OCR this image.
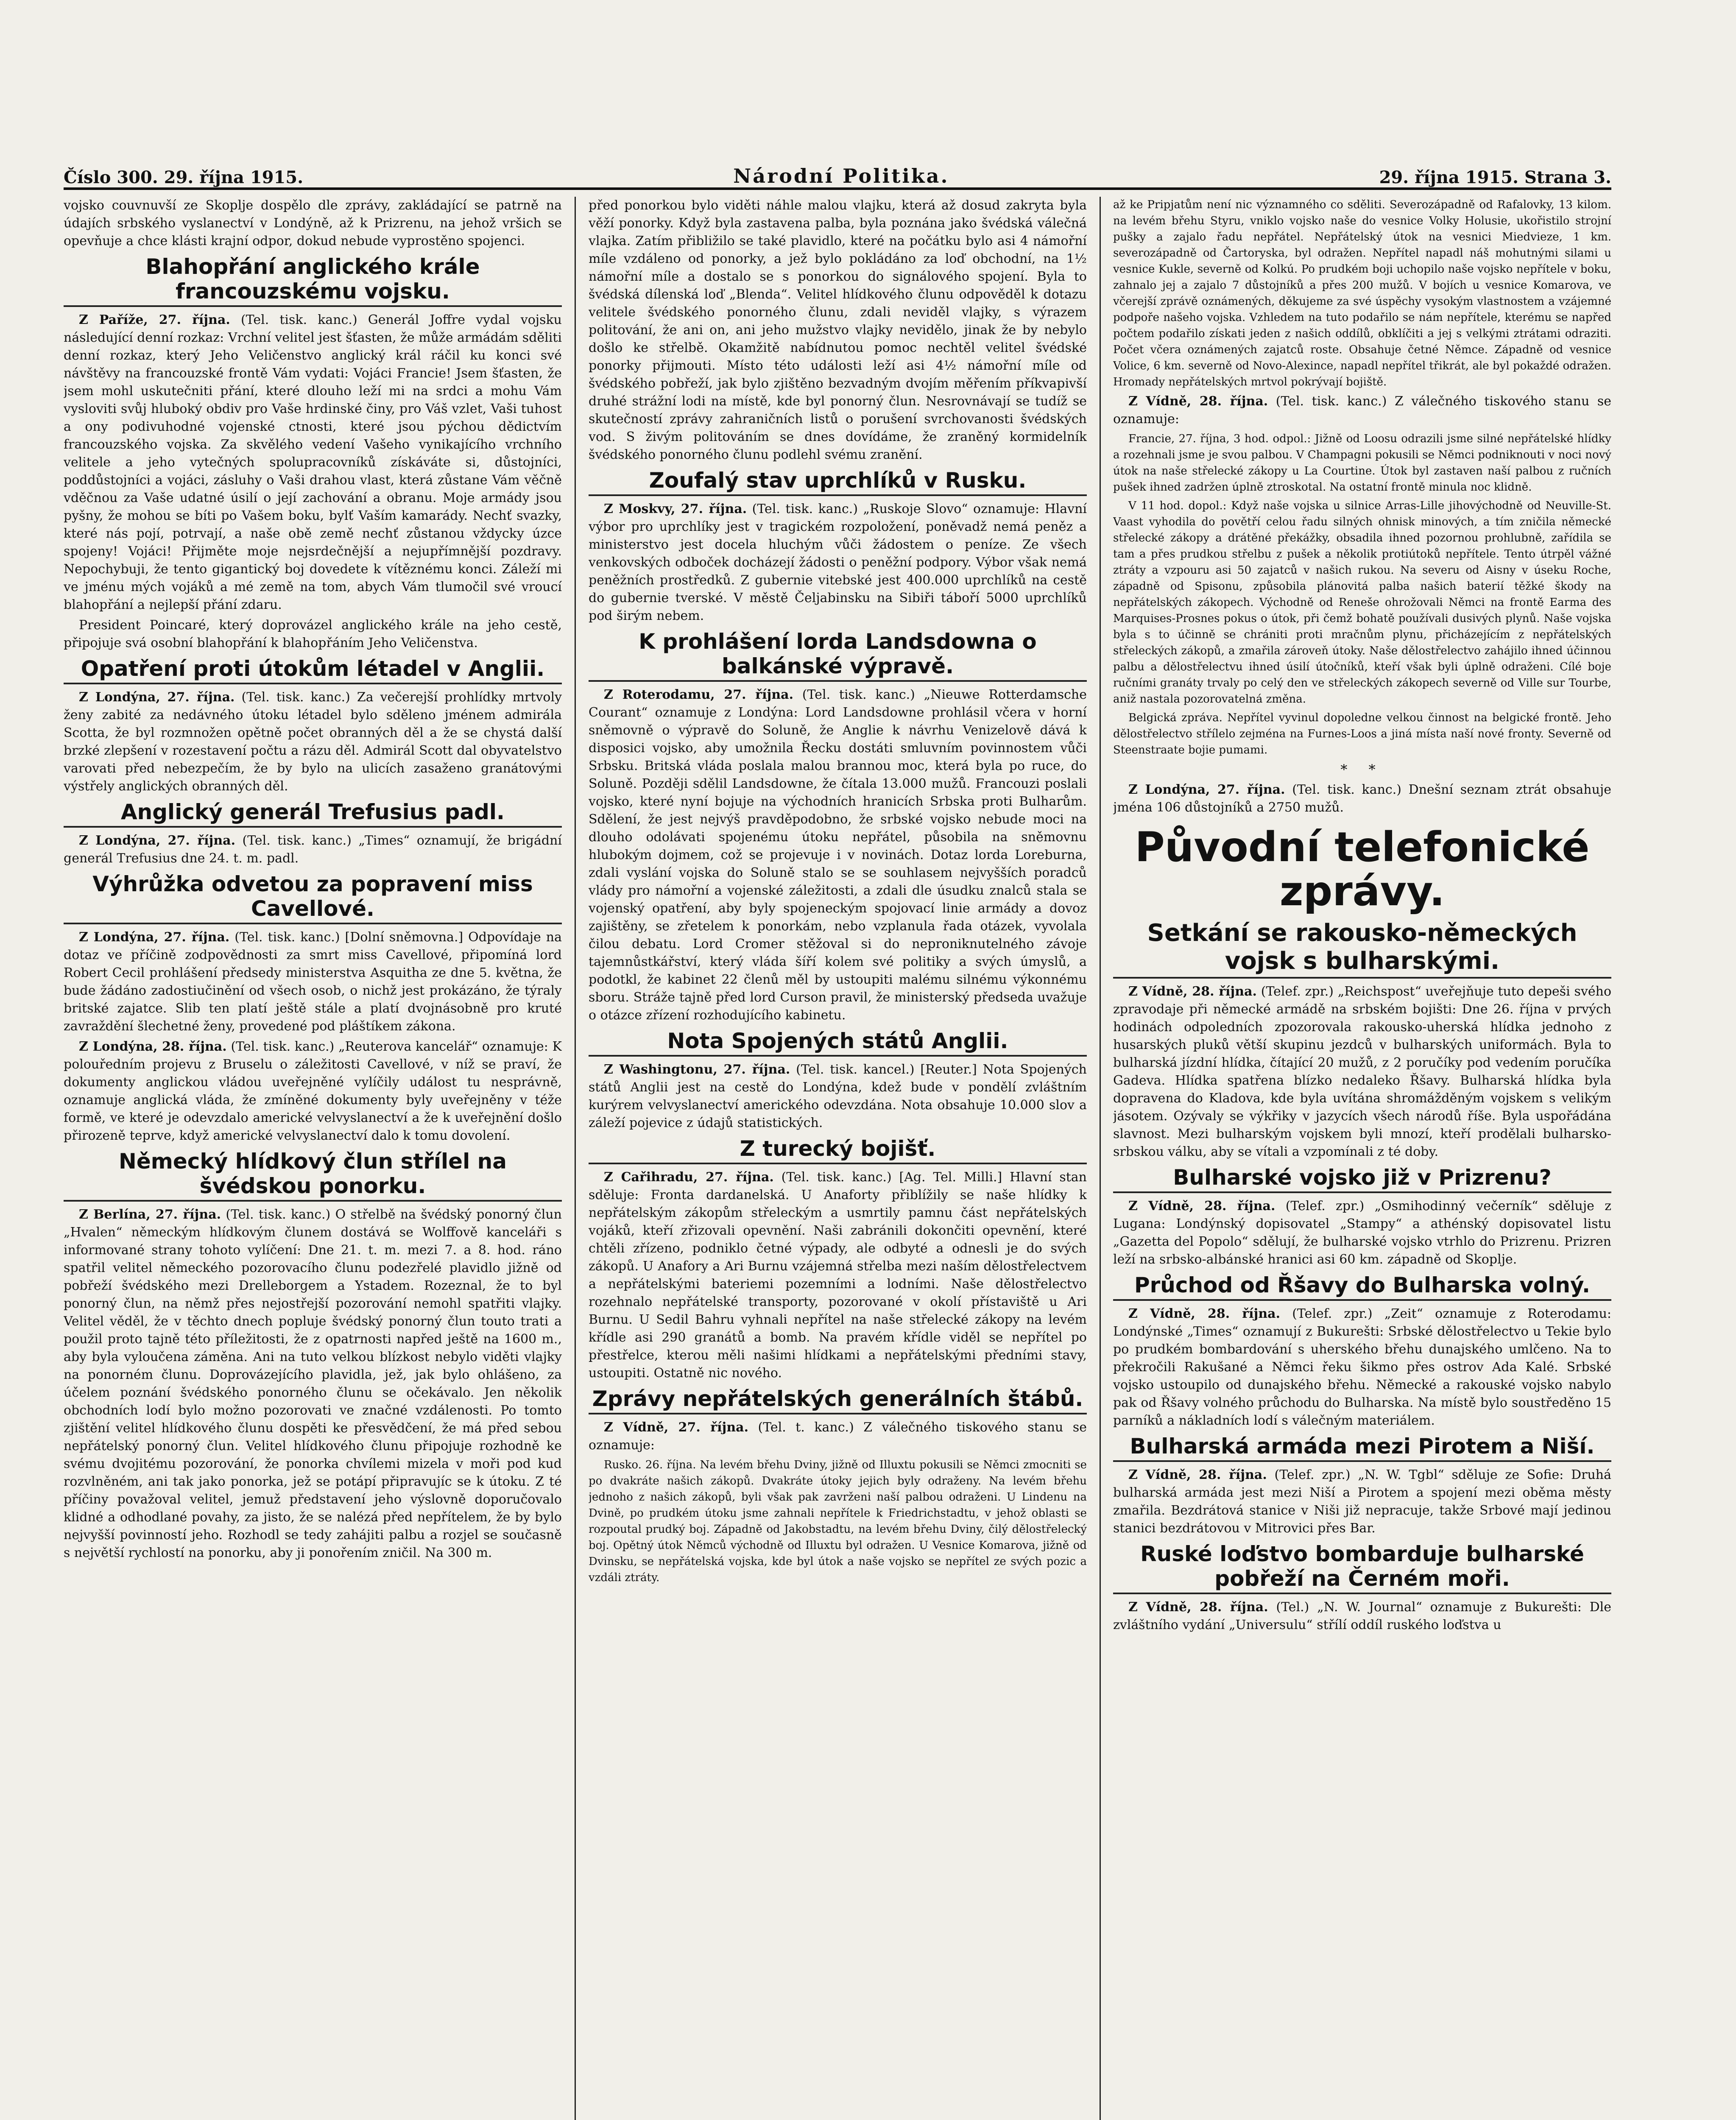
Číslo 300. 29. října 1915.	Národní Politika.	29. října 1915. Strana 3.

vojsko couvnuvší ze Skoplje dospělo dle zprávy, zakládající se patrně na údajích srbského vyslanectví v Londýně, až k Prizrenu, na jehož vršich se opevňuje a chce klásti krajní odpor, dokud nebude vyprostěno spojenci.

Blahopřání anglického krále francouzskému vojsku.

Z Paříže, 27. října. (Tel. tisk. kanc.) Generál Joffre vydal vojsku následující denní rozkaz: Vrchní velitel jest šťasten, že může armádám sděliti denní rozkaz, který Jeho Veličenstvo anglický král ráčil ku konci své návštěvy na francouzské frontě Vám vydati: Vojáci Francie! Jsem šťasten, že jsem mohl uskutečniti přání, které dlouho leží mi na srdci a mohu Vám vysloviti svůj hluboký obdiv pro Vaše hrdinské činy, pro Váš vzlet, Vaši tuhost a ony podivuhodné vojenské ctnosti, které jsou pýchou dědictvím francouzského vojska. Za skvělého vedení Vašeho vynikajícího vrchního velitele a jeho vytečných spolupracovníků získáváte si, důstojníci, poddůstojníci a vojáci, zásluhy o Vaši drahou vlast, která zůstane Vám věčně vděčnou za Vaše udatné úsilí o její zachování a obranu. Moje armády jsou pyšny, že mohou se bíti po Vašem boku, bylť Vaším kamarády. Nechť svazky, které nás pojí, potrvají, a naše obě země nechť zůstanou vždycky úzce spojeny! Vojáci! Přijměte moje nejsrdečnější a nejupřímnější pozdravy. Nepochybuji, že tento gigantický boj dovedete k vítěznému konci. Záleží mi ve jménu mých vojáků a mé země na tom, abych Vám tlumočil své vroucí blahopřání a nejlepší přání zdaru.

President Poincaré, který doprovázel anglického krále na jeho cestě, připojuje svá osobní blahopřání k blahopřáním Jeho Veličenstva.

Opatření proti útokům létadel v Anglii.

Z Londýna, 27. října. (Tel. tisk. kanc.) Za večerejší prohlídky mrtvoly ženy zabité za nedávného útoku létadel bylo sděleno jménem admirála Scotta, že byl rozmnožen opětně počet obranných děl a že se chystá další brzké zlepšení v rozestavení počtu a rázu děl. Admirál Scott dal obyvatelstvo varovati před nebezpečím, že by bylo na ulicích zasaženo granátovými výstřely anglických obranných děl.

Anglický generál Trefusius padl.

Z Londýna, 27. října. (Tel. tisk. kanc.) „Times“ oznamují, že brigádní generál Trefusius dne 24. t. m. padl.

Výhrůžka odvetou za popravení miss Cavellové.

Z Londýna, 27. října. (Tel. tisk. kanc.) [Dolní sněmovna.] Odpovídaje na dotaz ve příčině zodpovědnosti za smrt miss Cavellové, připomíná lord Robert Cecil prohlášení předsedy ministerstva Asquitha ze dne 5. května, že bude žádáno zadostiučinění od všech osob, o nichž jest prokázáno, že týraly britské zajatce. Slib ten platí ještě stále a platí dvojnásobně pro kruté zavraždění šlechetné ženy, provedené pod pláštíkem zákona.

Z Londýna, 28. října. (Tel. tisk. kanc.) „Reuterova kancelář“ oznamuje: K polouředním projevu z Bruselu o záležitosti Cavellové, v níž se praví, že dokumenty anglickou vládou uveřejněné vylíčily událost tu nesprávně, oznamuje anglická vláda, že zmíněné dokumenty byly uveřejněny v téže formě, ve které je odevzdalo americké velvyslanectví a že k uveřejnění došlo přirozeně teprve, když americké velvyslanectví dalo k tomu dovolení.

Německý hlídkový člun střílel na švédskou ponorku.

Z Berlína, 27. října. (Tel. tisk. kanc.) O střelbě na švédský ponorný člun „Hvalen“ německým hlídkovým člunem dostává se Wolffově kanceláři s informované strany tohoto vylíčení: Dne 21. t. m. mezi 7. a 8. hod. ráno spatřil velitel německého pozorovacího člunu podezřelé plavidlo jižně od pobřeží švédského mezi Drelleborgem a Ystadem. Rozeznal, že to byl ponorný člun, na němž přes nejostřejší pozorování nemohl spatřiti vlajky. Velitel věděl, že v těchto dnech popluje švédský ponorný člun touto trati a použil proto tajně této příležitosti, že z opatrnosti napřed ještě na 1600 m., aby byla vyloučena záměna. Ani na tuto velkou blízkost nebylo viděti vlajky na ponorném člunu. Doprovázejícího plavidla, jež, jak bylo ohlášeno, za účelem poznání švédského ponorného člunu se očekávalo. Jen několik obchodních lodí bylo možno pozorovati ve značné vzdálenosti. Po tomto zjištění velitel hlídkového člunu dospěti ke přesvědčení, že má před sebou nepřátelský ponorný člun. Velitel hlídkového člunu připojuje rozhodně ke svému dvojitému pozorování, že ponorka chvílemi mizela v moři pod kud rozvlněném, ani tak jako ponorka, jež se potápí připravujíc se k útoku. Z té příčiny považoval velitel, jemuž představení jeho výslovně doporučovalo klidné a odhodlané povahy, za jisto, že se nalézá před nepřítelem, že by bylo nejvyšší povinností jeho. Rozhodl se tedy zahájiti palbu a rozjel se současně s největší rychlostí na ponorku, aby ji ponořením zničil. Na 300 m.

před ponorkou bylo viděti náhle malou vlajku, která až dosud zakryta byla věží ponorky. Když byla zastavena palba, byla poznána jako švédská válečná vlajka. Zatím přibližilo se také plavidlo, které na počátku bylo asi 4 námořní míle vzdáleno od ponorky, a jež bylo pokládáno za loď obchodní, na 1½ námořní míle a dostalo se s ponorkou do signálového spojení. Byla to švédská dílenská loď „Blenda“. Velitel hlídkového člunu odpověděl k dotazu velitele švédského ponorného člunu, zdali neviděl vlajky, s výrazem politování, že ani on, ani jeho mužstvo vlajky nevidělo, jinak že by nebylo došlo ke střelbě. Okamžitě nabídnutou pomoc nechtěl velitel švédské ponorky přijmouti. Místo této události leží asi 4½ námořní míle od švédského pobřeží, jak bylo zjištěno bezvadným dvojím měřením příkvapivší druhé strážní lodi na místě, kde byl ponorný člun. Nesrovnávají se tudíž se skutečností zprávy zahraničních listů o porušení svrchovanosti švédských vod. S živým politováním se dnes dovídáme, že zraněný kormidelník švédského ponorného člunu podlehl svému zranění.

Zoufalý stav uprchlíků v Rusku.

Z Moskvy, 27. října. (Tel. tisk. kanc.) „Ruskoje Slovo“ oznamuje: Hlavní výbor pro uprchlíky jest v tragickém rozpoložení, poněvadž nemá peněz a ministerstvo jest docela hluchým vůči žádostem o peníze. Ze všech venkovských odboček docházejí žádosti o peněžní podpory. Výbor však nemá peněžních prostředků. Z gubernie vitebské jest 400.000 uprchlíků na cestě do gubernie tverské. V městě Čeljabinsku na Sibiři táboří 5000 uprchlíků pod širým nebem.

K prohlášení lorda Landsdowna o balkánské výpravě.

Z Roterodamu, 27. října. (Tel. tisk. kanc.) „Nieuwe Rotterdamsche Courant“ oznamuje z Londýna: Lord Landsdowne prohlásil včera v horní sněmovně o výpravě do Soluně, že Anglie k návrhu Venizelově dává k disposici vojsko, aby umožnila Řecku dostáti smluvním povinnostem vůči Srbsku. Britská vláda poslala malou brannou moc, která byla po ruce, do Soluně. Později sdělil Landsdowne, že čítala 13.000 mužů. Francouzi poslali vojsko, které nyní bojuje na východních hranicích Srbska proti Bulharům. Sdělení, že jest nejvýš pravděpodobno, že srbské vojsko nebude moci na dlouho odolávati spojenému útoku nepřátel, působila na sněmovnu hlubokým dojmem, což se projevuje i v novinách. Dotaz lorda Loreburna, zdali vyslání vojska do Soluně stalo se se souhlasem nejvyšších poradců vlády pro námořní a vojenské záležitosti, a zdali dle úsudku znalců stala se vojenský opatření, aby byly spojeneckým spojovací linie armády a dovoz zajištěny, se zřetelem k ponorkám, nebo vzplanula řada otázek, vyvolala čilou debatu. Lord Cromer stěžoval si do neproniknutelného závoje tajemnůstkářství, který vláda šíří kolem své politiky a svých úmyslů, a podotkl, že kabinet 22 členů měl by ustoupiti malému silnému výkonnému sboru. Stráže tajně před lord Curson pravil, že ministerský předseda uvažuje o otázce zřízení rozhodujícího kabinetu.

Nota Spojených států Anglii.

Z Washingtonu, 27. října. (Tel. tisk. kancel.) [Reuter.] Nota Spojených států Anglii jest na cestě do Londýna, kdež bude v pondělí zvláštním kurýrem velvyslanectví amerického odevzdána. Nota obsahuje 10.000 slov a záleží pojevice z údajů statistických.

Z turecký bojišť.

Z Cařihradu, 27. října. (Tel. tisk. kanc.) [Ag. Tel. Milli.] Hlavní stan sděluje: Fronta dardanelská. U Anaforty přiblížily se naše hlídky k nepřátelským zákopům střeleckým a usmrtily pamnu část nepřátelských vojáků, kteří zřizovali opevnění. Naši zabránili dokončiti opevnění, které chtěli zřízeno, podniklo četné výpady, ale odbyté a odnesli je do svých zákopů. U Anafory a Ari Burnu vzájemná střelba mezi naším dělostřelectvem a nepřátelskými bateriemi pozemními a lodními. Naše dělostřelectvo rozehnalo nepřátelské transporty, pozorované v okolí přístaviště u Ari Burnu. U Sedil Bahru vyhnali nepřítel na naše střelecké zákopy na levém křídle asi 290 granátů a bomb. Na pravém křídle viděl se nepřítel po přestřelce, kterou měli našimi hlídkami a nepřátelskými předními stavy, ustoupiti. Ostatně nic nového.

Zprávy nepřátelských generálních štábů.

Z Vídně, 27. října. (Tel. t. kanc.) Z válečného tiskového stanu se oznamuje:

Rusko. 26. října. Na levém břehu Dviny, jižně od Illuxtu pokusili se Němci zmocniti se po dvakráte našich zákopů. Dvakráte útoky jejich byly odraženy. Na levém břehu jednoho z našich zákopů, byli však pak zavrženi naší palbou odraženi. U Lindenu na Dvině, po prudkém útoku jsme zahnali nepřítele k Friedrichstadtu, v jehož oblasti se rozpoutal prudký boj. Západně od Jakobstadtu, na levém břehu Dviny, čilý dělostřelecký boj. Opětný útok Němců východně od Illuxtu byl odražen. U Vesnice Komarova, jižně od Dvinsku, se nepřátelská vojska, kde byl útok a naše vojsko se nepřítel ze svých pozic a vzdáli ztráty.

až ke Pripjatům není nic významného co sděliti. Severozápadně od Rafalovky, 13 kilom. na levém břehu Styru, vniklo vojsko naše do vesnice Volky Holusie, ukořistilo strojní pušky a zajalo řadu nepřátel. Nepřátelský útok na vesnici Miedvieze, 1 km. severozápadně od Čartoryska, byl odražen. Nepřítel napadl náš mohutnými silami u vesnice Kukle, severně od Kolkú. Po prudkém boji uchopilo naše vojsko nepřítele v boku, zahnalo jej a zajalo 7 důstojníků a přes 200 mužů. V bojích u vesnice Komarova, ve včerejší zprávě oznámených, děkujeme za své úspěchy vysokým vlastnostem a vzájemné podpoře našeho vojska. Vzhledem na tuto podařilo se nám nepřítele, kterému se napřed počtem podařilo získati jeden z našich oddílů, obklíčiti a jej s velkými ztrátami odraziti. Počet včera oznámených zajatců roste. Obsahuje četné Němce. Západně od vesnice Volice, 6 km. severně od Novo-Alexince, napadl nepřítel třikrát, ale byl pokaždé odražen. Hromady nepřátelských mrtvol pokrývají bojiště.

Z Vídně, 28. října. (Tel. tisk. kanc.) Z válečného tiskového stanu se oznamuje:

Francie, 27. října, 3 hod. odpol.: Jižně od Loosu odrazili jsme silné nepřátelské hlídky a rozehnali jsme je svou palbou. V Champagni pokusili se Němci podniknouti v noci nový útok na naše střelecké zákopy u La Courtine. Útok byl zastaven naší palbou z ručních pušek ihned zadržen úplně ztroskotal. Na ostatní frontě minula noc klidně.

V 11 hod. dopol.: Když naše vojska u silnice Arras-Lille jihovýchodně od Neuville-St. Vaast vyhodila do povětří celou řadu silných ohnisk minových, a tím zničila německé střelecké zákopy a drátěné překážky, obsadila ihned pozornou prohlubně, zařídila se tam a přes prudkou střelbu z pušek a několik protiútoků nepřítele. Tento útrpěl vážné ztráty a vzpouru asi 50 zajatců v našich rukou. Na severu od Aisny v úseku Roche, západně od Spisonu, způsobila plánovitá palba našich baterií těžké škody na nepřátelských zákopech. Východně od Reneše ohrožovali Němci na frontě Earma des Marquises-Prosnes pokus o útok, při čemž bohatě používali dusivých plynů. Naše vojska byla s to účinně se chrániti proti mračnům plynu, přicházejícím z nepřátelských střeleckých zákopů, a zmařila zároveň útoky. Naše dělostřelectvo zahájilo ihned účinnou palbu a dělostřelectvu ihned úsilí útočníků, kteří však byli úplně odraženi. Cílé boje ručními granáty trvaly po celý den ve střeleckých zákopech severně od Ville sur Tourbe, aniž nastala pozorovatelná změna.

Belgická zpráva. Nepřítel vyvinul dopoledne velkou činnost na belgické frontě. Jeho dělostřelectvo střílelo zejména na Furnes-Loos a jiná místa naší nové fronty. Severně od Steenstraate bojie pumami.

* *

Z Londýna, 27. října. (Tel. tisk. kanc.) Dnešní seznam ztrát obsahuje jména 106 důstojníků a 2750 mužů.

Původní telefonické zprávy.
Setkání se rakousko-německých vojsk s bulharskými.

Z Vídně, 28. října. (Telef. zpr.) „Reichspost“ uveřejňuje tuto depeši svého zpravodaje při německé armádě na srbském bojišti: Dne 26. října v prvých hodinách odpoledních zpozorovala rakousko-uherská hlídka jednoho z husarských pluků větší skupinu jezdců v bulharských uniformách. Byla to bulharská jízdní hlídka, čítající 20 mužů, z 2 poručíky pod vedením poručíka Gadeva. Hlídka spatřena blízko nedaleko Řšavy. Bulharská hlídka byla dopravena do Kladova, kde byla uvítána shromážděným vojskem s velikým jásotem. Ozývaly se výkřiky v jazycích všech národů říše. Byla uspořádána slavnost. Mezi bulharským vojskem byli mnozí, kteří prodělali bulharsko-srbskou válku, aby se vítali a vzpomínali z té doby.

Bulharské vojsko již v Prizrenu?

Z Vídně, 28. října. (Telef. zpr.) „Osmihodinný večerník“ sděluje z Lugana: Londýnský dopisovatel „Stampy“ a athénský dopisovatel listu „Gazetta del Popolo“ sdělují, že bulharské vojsko vtrhlo do Prizrenu. Prizren leží na srbsko-albánské hranici asi 60 km. západně od Skoplje.

Průchod od Řšavy do Bulharska volný.

Z Vídně, 28. října. (Telef. zpr.) „Zeit“ oznamuje z Roterodamu: Londýnské „Times“ oznamují z Bukurešti: Srbské dělostřelectvo u Tekie bylo po prudkém bombardování s uherského břehu dunajského umlčeno. Na to překročili Rakušané a Němci řeku šikmo přes ostrov Ada Kalé. Srbské vojsko ustoupilo od dunajského břehu. Německé a rakouské vojsko nabylo pak od Řšavy volného průchodu do Bulharska. Na místě bylo soustředěno 15 parníků a nákladních lodí s válečným materiálem.

Bulharská armáda mezi Pirotem a Niší.

Z Vídně, 28. října. (Telef. zpr.) „N. W. Tgbl“ sděluje ze Sofie: Druhá bulharská armáda jest mezi Niší a Pirotem a spojení mezi oběma městy zmařila. Bezdrátová stanice v Niši již nepracuje, takže Srbové mají jedinou stanici bezdrátovou v Mitrovici přes Bar.

Ruské loďstvo bombarduje bulharské pobřeží na Černém moři.

Z Vídně, 28. října. (Tel.) „N. W. Journal“ oznamuje z Bukurešti: Dle zvláštního vydání „Universulu“ střílí oddíl ruského loďstva u
